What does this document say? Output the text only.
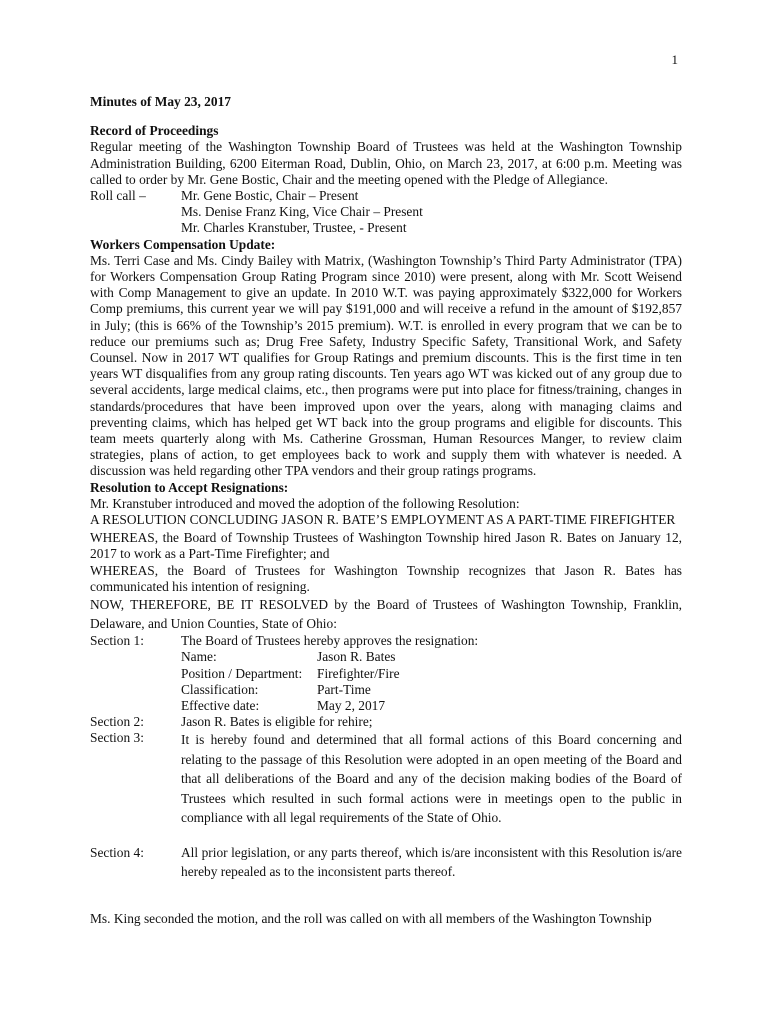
1

Minutes of May 23, 2017

Record of Proceedings

Regular meeting of the Washington Township Board of Trustees was held at the Washington Township Administration Building, 6200 Eiterman Road, Dublin, Ohio, on March 23, 2017, at 6:00 p.m. Meeting was called to order by Mr. Gene Bostic, Chair and the meeting opened with the Pledge of Allegiance.

Roll call –	Mr. Gene Bostic, Chair – Present
Ms. Denise Franz King, Vice Chair – Present
Mr. Charles Kranstuber, Trustee, - Present

Workers Compensation Update:

Ms. Terri Case and Ms. Cindy Bailey with Matrix, (Washington Township’s Third Party Administrator (TPA) for Workers Compensation Group Rating Program since 2010) were present, along with Mr. Scott Weisend with Comp Management to give an update. In 2010 W.T. was paying approximately $322,000 for Workers Comp premiums, this current year we will pay $191,000 and will receive a refund in the amount of $192,857 in July; (this is 66% of the Township’s 2015 premium). W.T. is enrolled in every program that we can be to reduce our premiums such as; Drug Free Safety, Industry Specific Safety, Transitional Work, and Safety Counsel. Now in 2017 WT qualifies for Group Ratings and premium discounts. This is the first time in ten years WT disqualifies from any group rating discounts. Ten years ago WT was kicked out of any group due to several accidents, large medical claims, etc., then programs were put into place for fitness/training, changes in standards/procedures that have been improved upon over the years, along with managing claims and preventing claims, which has helped get WT back into the group programs and eligible for discounts. This team meets quarterly along with Ms. Catherine Grossman, Human Resources Manger, to review claim strategies, plans of action, to get employees back to work and supply them with whatever is needed. A discussion was held regarding other TPA vendors and their group ratings programs.

Resolution to Accept Resignations:

Mr. Kranstuber introduced and moved the adoption of the following Resolution:

A RESOLUTION CONCLUDING JASON R. BATE’S EMPLOYMENT AS A PART-TIME FIREFIGHTER

WHEREAS, the Board of Township Trustees of Washington Township hired Jason R. Bates on January 12, 2017 to work as a Part-Time Firefighter; and

WHEREAS, the Board of Trustees for Washington Township recognizes that Jason R. Bates has communicated his intention of resigning.

NOW, THEREFORE, BE IT RESOLVED by the Board of Trustees of Washington Township, Franklin, Delaware, and Union Counties, State of Ohio:

Section 1:	The Board of Trustees hereby approves the resignation:
Name:	Jason R. Bates
Position / Department:	Firefighter/Fire
Classification:	Part-Time
Effective date:	May 2, 2017
Section 2:	Jason R. Bates is eligible for rehire;
Section 3:	It is hereby found and determined that all formal actions of this Board concerning and relating to the passage of this Resolution were adopted in an open meeting of the Board and that all deliberations of the Board and any of the decision making bodies of the Board of Trustees which resulted in such formal actions were in meetings open to the public in compliance with all legal requirements of the State of Ohio.
Section 4:	All prior legislation, or any parts thereof, which is/are inconsistent with this Resolution is/are hereby repealed as to the inconsistent parts thereof.

Ms. King seconded the motion, and the roll was called on with all members of the Washington Township
